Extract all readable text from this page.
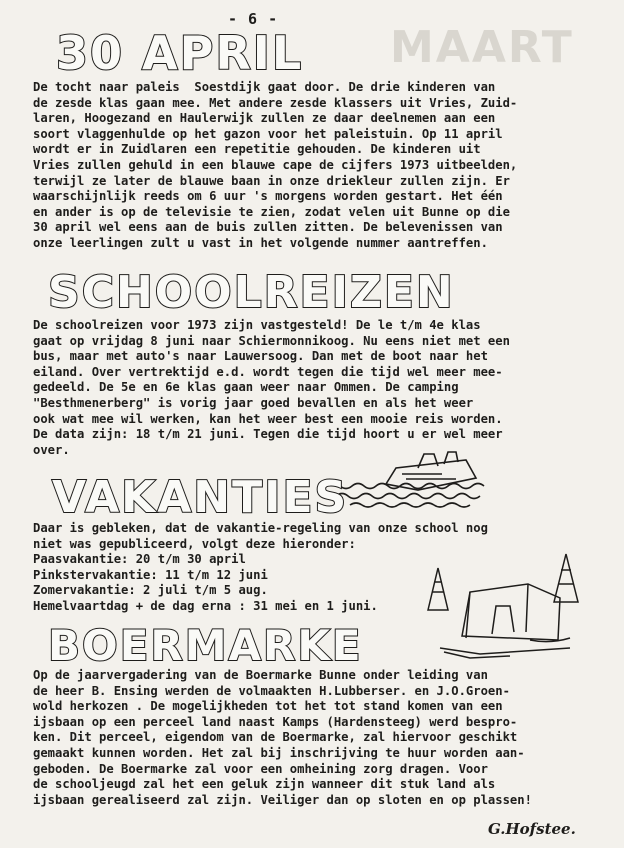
MAART
- 6 -
30 APRIL
De tocht naar paleis  Soestdijk gaat door. De drie kinderen van
de zesde klas gaan mee. Met andere zesde klassers uit Vries, Zuid-
laren, Hoogezand en Haulerwijk zullen ze daar deelnemen aan een
soort vlaggenhulde op het gazon voor het paleistuin. Op 11 april
wordt er in Zuidlaren een repetitie gehouden. De kinderen uit
Vries zullen gehuld in een blauwe cape de cijfers 1973 uitbeelden,
terwijl ze later de blauwe baan in onze driekleur zullen zijn. Er
waarschijnlijk reeds om 6 uur 's morgens worden gestart. Het één
en ander is op de televisie te zien, zodat velen uit Bunne op die
30 april wel eens aan de buis zullen zitten. De belevenissen van
onze leerlingen zult u vast in het volgende nummer aantreffen.
SCHOOLREIZEN
De schoolreizen voor 1973 zijn vastgesteld! De le t/m 4e klas
gaat op vrijdag 8 juni naar Schiermonnikoog. Nu eens niet met een
bus, maar met auto's naar Lauwersoog. Dan met de boot naar het
eiland. Over vertrektijd e.d. wordt tegen die tijd wel meer mee-
gedeeld. De 5e en 6e klas gaan weer naar Ommen. De camping
"Besthmenerberg" is vorig jaar goed bevallen en als het weer
ook wat mee wil werken, kan het weer best een mooie reis worden.
De data zijn: 18 t/m 21 juni. Tegen die tijd hoort u er wel meer
over.
VAKANTIES
Daar is gebleken, dat de vakantie-regeling van onze school nog
niet was gepubliceerd, volgt deze hieronder:
Paasvakantie: 20 t/m 30 april
Pinkstervakantie: 11 t/m 12 juni
Zomervakantie: 2 juli t/m 5 aug.
Hemelvaartdag + de dag erna : 31 mei en 1 juni.
BOERMARKE
Op de jaarvergadering van de Boermarke Bunne onder leiding van
de heer B. Ensing werden de volmaakten H.Lubberser. en J.O.Groen-
wold herkozen . De mogelijkheden tot het tot stand komen van een
ijsbaan op een perceel land naast Kamps (Hardensteeg) werd bespro-
ken. Dit perceel, eigendom van de Boermarke, zal hiervoor geschikt
gemaakt kunnen worden. Het zal bij inschrijving te huur worden aan-
geboden. De Boermarke zal voor een omheining zorg dragen. Voor
de schooljeugd zal het een geluk zijn wanneer dit stuk land als
ijsbaan gerealiseerd zal zijn. Veiliger dan op sloten en op plassen!
G.Hofstee.
